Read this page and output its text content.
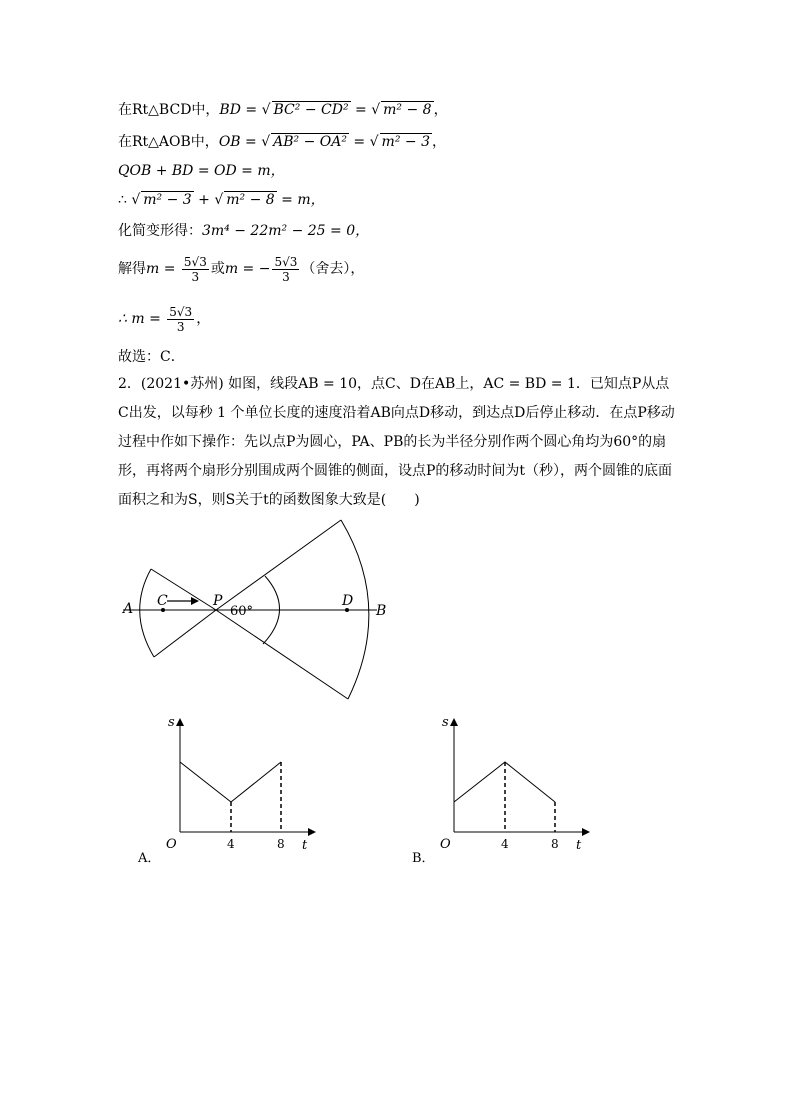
在Rt△BCD中，BD = √ BC² − CD² = √ m² − 8 ，
在Rt△AOB中，OB = √ AB² − OA² = √ m² − 3 ，
QOB + BD = OD = m，
∴ √ m² − 3 + √ m² − 8 = m，
化简变形得：3m⁴ − 22m² − 25 = 0，
解得$m = \frac{5√3}{3}$ 或m = − $\frac{5√3}{3}$ （舍去），
∴ $m = \frac{5√3}{3}$ ，
故选：C．
2．(2021•苏州) 如图，线段AB = 10，点C、D在AB上，AC = BD = 1．已知点P从点C出发，以每秒 1 个单位长度的速度沿着AB向点D移动，到达点D后停止移动．在点P移动过程中作如下操作：先以点P为圆心，PA、PB的长为半径分别作两个圆心角均为60°的扇形，再将两个扇形分别围成两个圆锥的侧面，设点P的移动时间为t（秒），两个圆锥的底面面积之和为S，则S关于t的函数图象大致是(　　)
A C	P
60°
D
B
s
t
O	4	8
A．
s
t
O	4	8
B．
